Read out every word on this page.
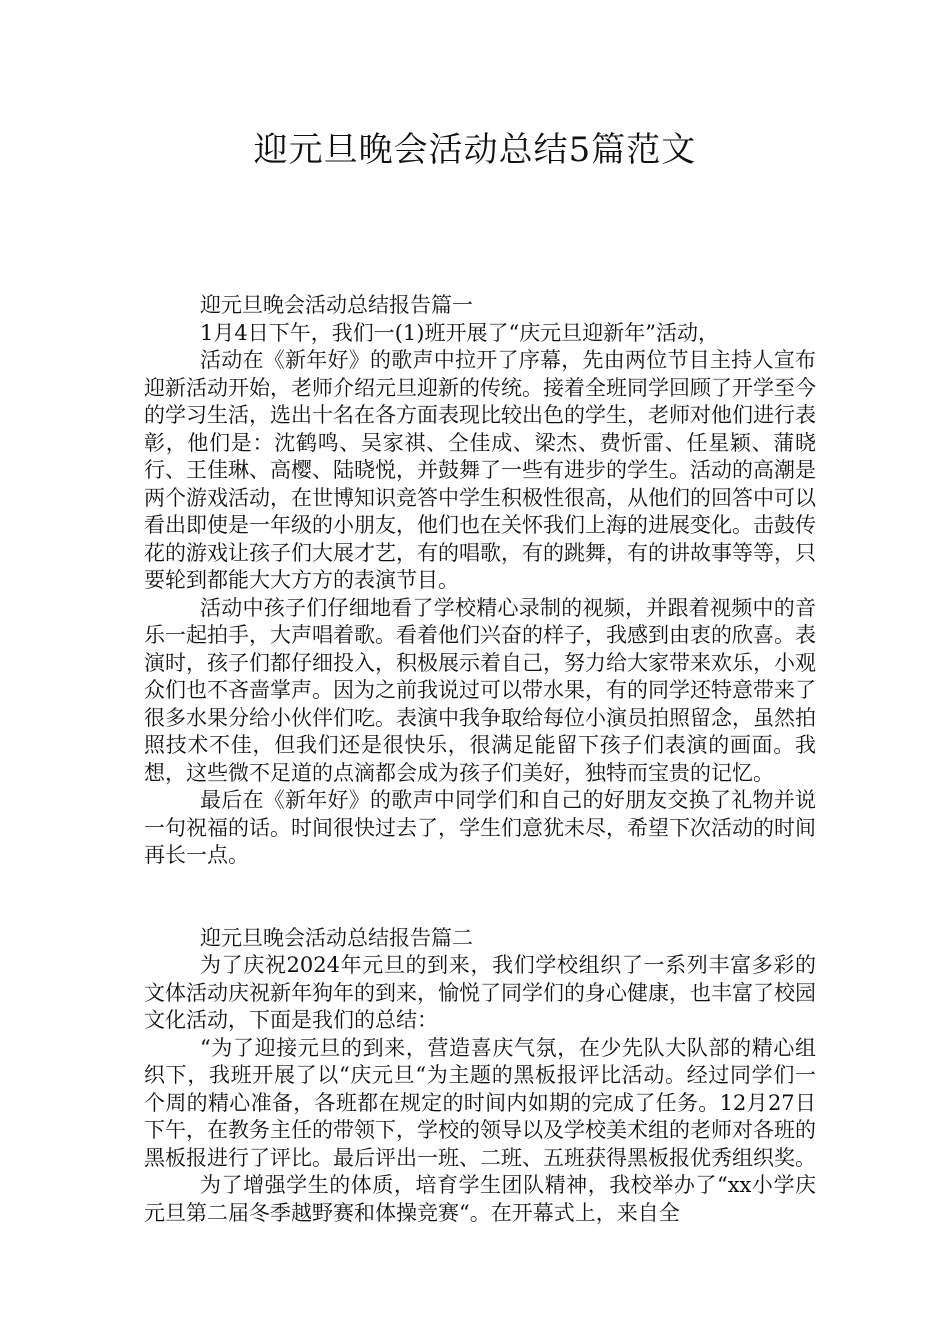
迎元旦晚会活动总结5篇范文
迎元旦晚会活动总结报告篇一

1月4日下午，我们一(1)班开展了“庆元旦迎新年”活动，

活动在《新年好》的歌声中拉开了序幕，先由两位节目主持人宣布迎新活动开始，老师介绍元旦迎新的传统。接着全班同学回顾了开学至今的学习生活，选出十名在各方面表现比较出色的学生，老师对他们进行表彰，他们是：沈鹤鸣、吴家祺、仝佳成、梁杰、费忻雷、任星颖、蒲晓行、王佳琳、高樱、陆晓悦，并鼓舞了一些有进步的学生。活动的高潮是两个游戏活动，在世博知识竞答中学生积极性很高，从他们的回答中可以看出即使是一年级的小朋友，他们也在关怀我们上海的进展变化。击鼓传花的游戏让孩子们大展才艺，有的唱歌，有的跳舞，有的讲故事等等，只要轮到都能大大方方的表演节目。

活动中孩子们仔细地看了学校精心录制的视频，并跟着视频中的音乐一起拍手，大声唱着歌。看着他们兴奋的样子，我感到由衷的欣喜。表演时，孩子们都仔细投入，积极展示着自己，努力给大家带来欢乐，小观众们也不吝啬掌声。因为之前我说过可以带水果，有的同学还特意带来了很多水果分给小伙伴们吃。表演中我争取给每位小演员拍照留念，虽然拍照技术不佳，但我们还是很快乐，很满足能留下孩子们表演的画面。我想，这些微不足道的点滴都会成为孩子们美好，独特而宝贵的记忆。

最后在《新年好》的歌声中同学们和自己的好朋友交换了礼物并说一句祝福的话。时间很快过去了，学生们意犹未尽，希望下次活动的时间再长一点。

迎元旦晚会活动总结报告篇二

为了庆祝2024年元旦的到来，我们学校组织了一系列丰富多彩的文体活动庆祝新年狗年的到来，愉悦了同学们的身心健康，也丰富了校园文化活动，下面是我们的总结：

“为了迎接元旦的到来，营造喜庆气氛，在少先队大队部的精心组织下，我班开展了以“庆元旦“为主题的黑板报评比活动。经过同学们一个周的精心准备，各班都在规定的时间内如期的完成了任务。12月27日下午，在教务主任的带领下，学校的领导以及学校美术组的老师对各班的黑板报进行了评比。最后评出一班、二班、五班获得黑板报优秀组织奖。

为了增强学生的体质，培育学生团队精神，我校举办了“xx小学庆元旦第二届冬季越野赛和体操竞赛“。在开幕式上，来自全
